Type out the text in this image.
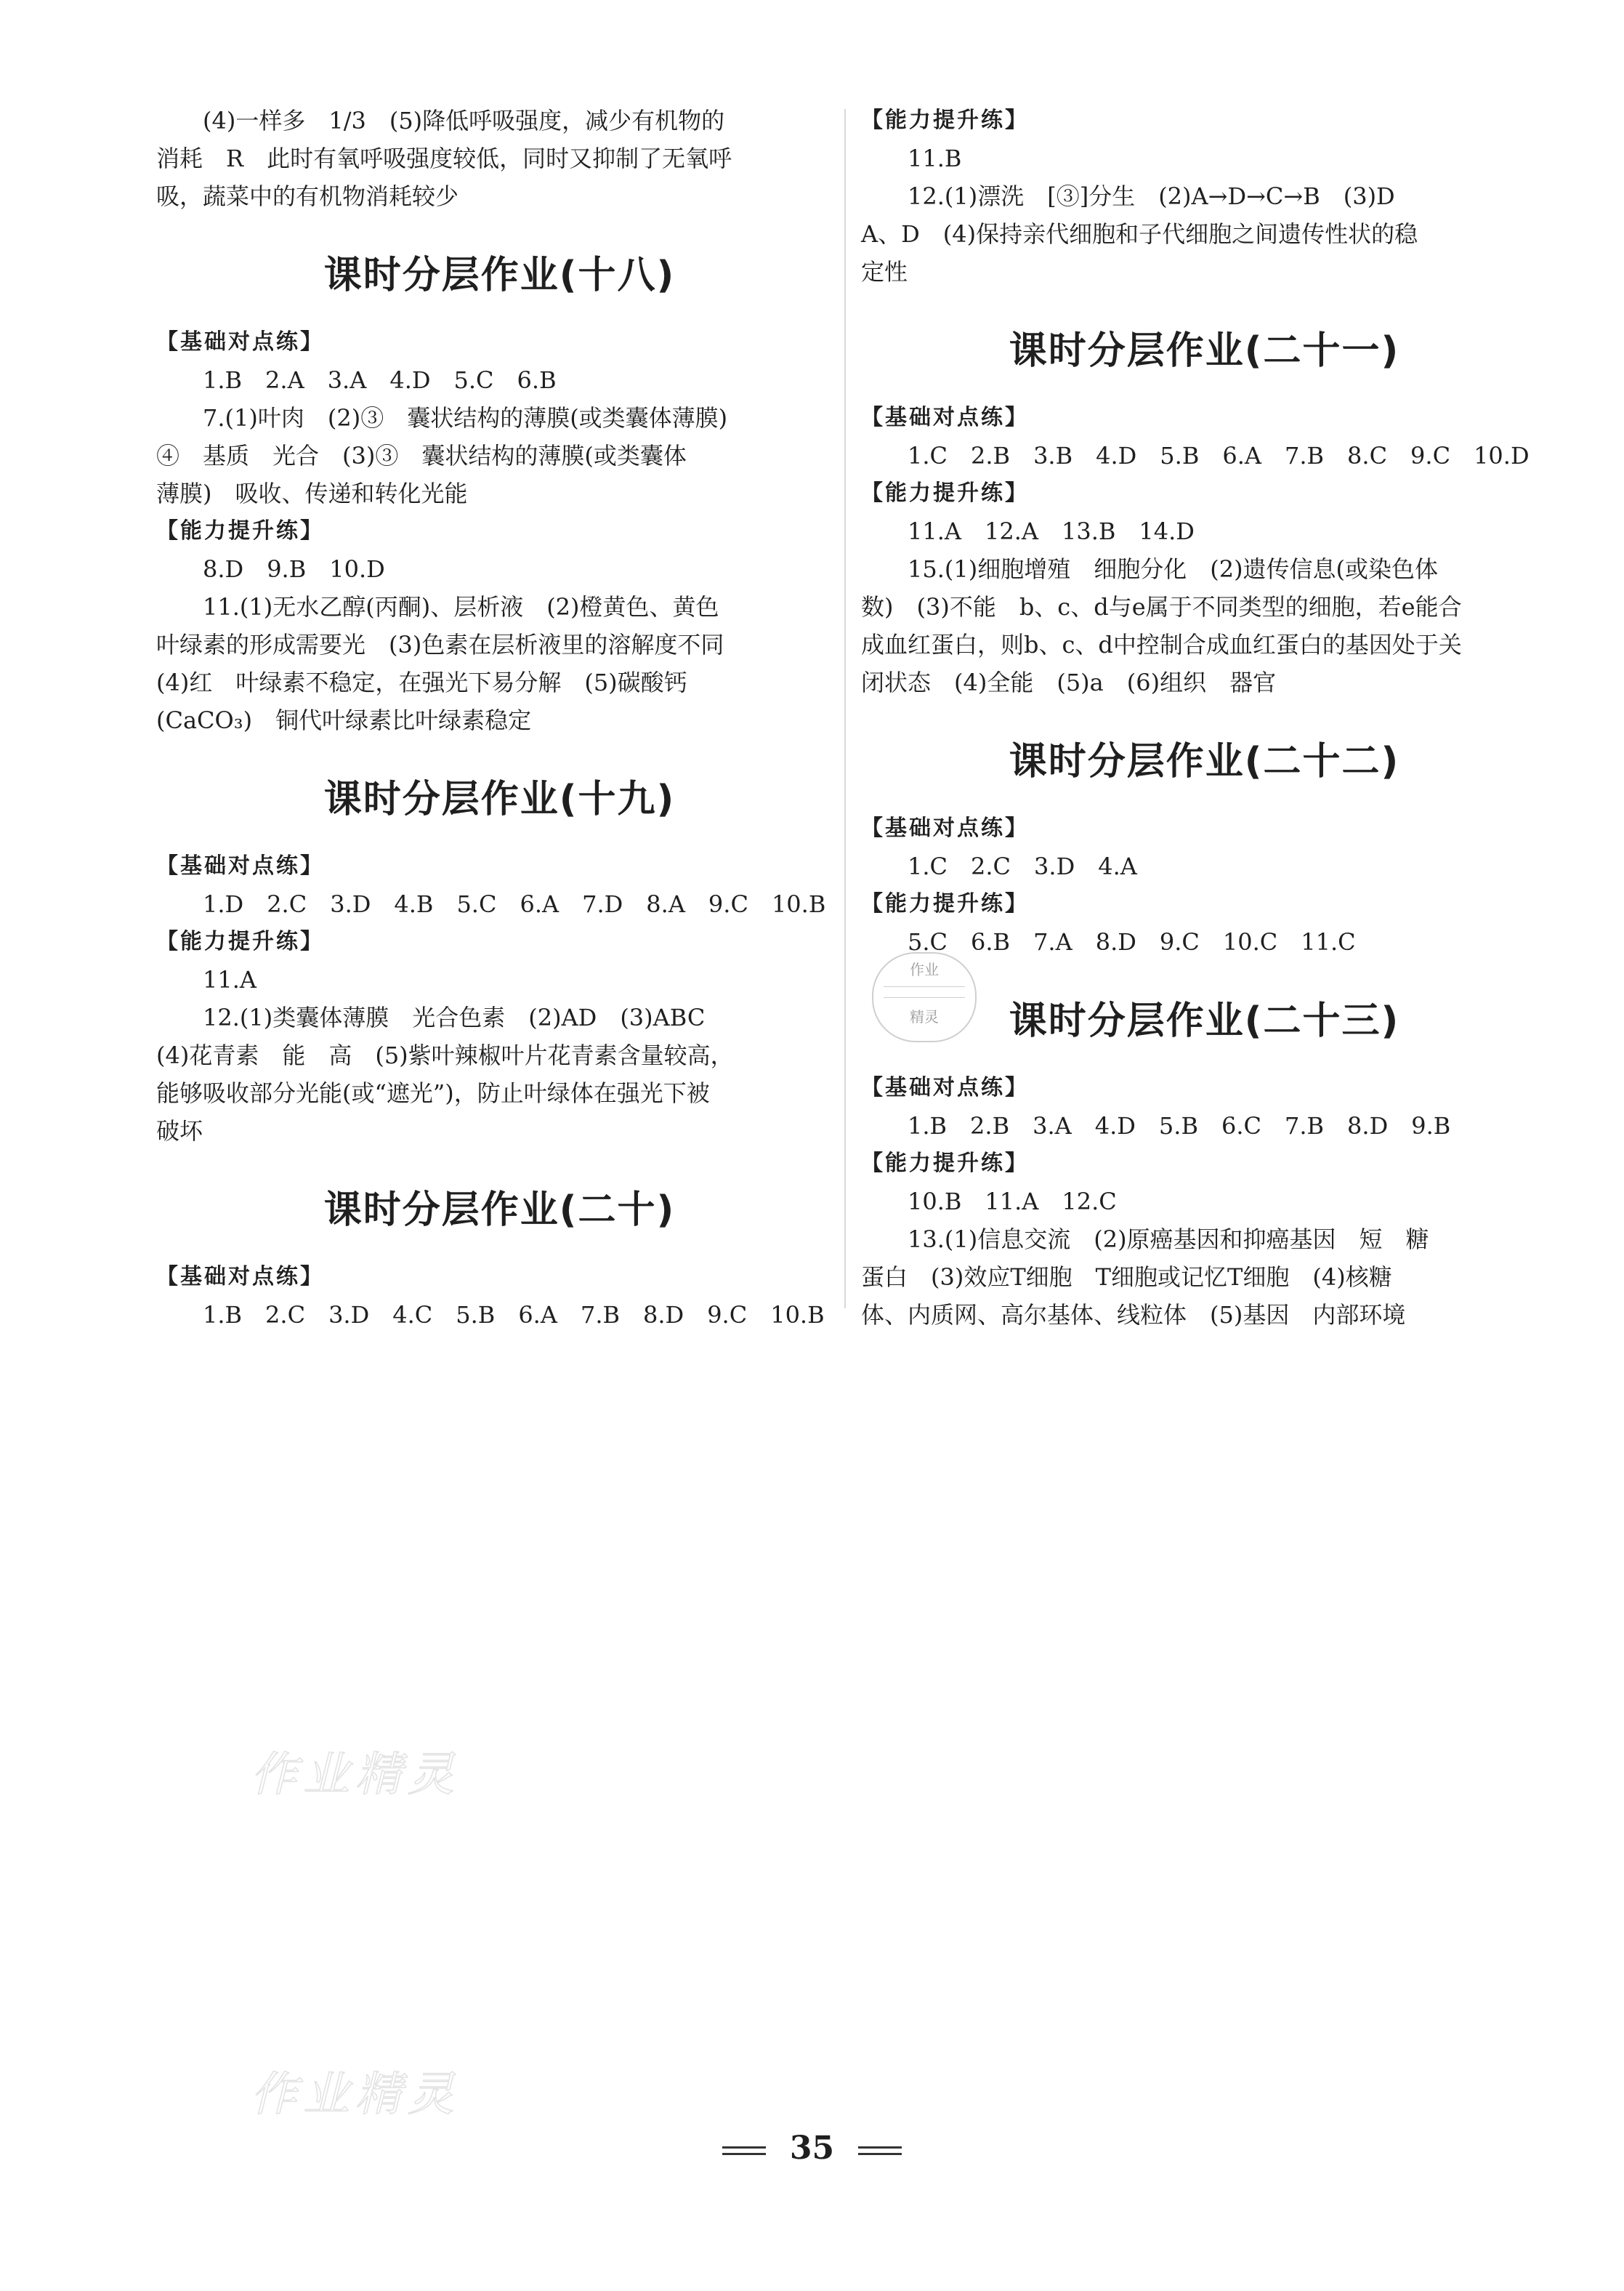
(4)一样多　1/3　(5)降低呼吸强度，减少有机物的

消耗　R　此时有氧呼吸强度较低，同时又抑制了无氧呼

吸，蔬菜中的有机物消耗较少

课时分层作业(十八)

【基础对点练】

1.B　2.A　3.A　4.D　5.C　6.B

7.(1)叶肉　(2)③　囊状结构的薄膜(或类囊体薄膜)

④　基质　光合　(3)③　囊状结构的薄膜(或类囊体

薄膜)　吸收、传递和转化光能

【能力提升练】

8.D　9.B　10.D

11.(1)无水乙醇(丙酮)、层析液　(2)橙黄色、黄色

叶绿素的形成需要光　(3)色素在层析液里的溶解度不同

(4)红　叶绿素不稳定，在强光下易分解　(5)碳酸钙

(CaCO₃)　铜代叶绿素比叶绿素稳定

课时分层作业(十九)

【基础对点练】

1.D　2.C　3.D　4.B　5.C　6.A　7.D　8.A　9.C　10.B

【能力提升练】

11.A

12.(1)类囊体薄膜　光合色素　(2)AD　(3)ABC

(4)花青素　能　高　(5)紫叶辣椒叶片花青素含量较高，

能够吸收部分光能(或“遮光”)，防止叶绿体在强光下被

破坏

课时分层作业(二十)

【基础对点练】

1.B　2.C　3.D　4.C　5.B　6.A　7.B　8.D　9.C　10.B

【能力提升练】

11.B

12.(1)漂洗　[③]分生　(2)A→D→C→B　(3)D

A、D　(4)保持亲代细胞和子代细胞之间遗传性状的稳

定性

课时分层作业(二十一)

【基础对点练】

1.C　2.B　3.B　4.D　5.B　6.A　7.B　8.C　9.C　10.D

【能力提升练】

11.A　12.A　13.B　14.D

15.(1)细胞增殖　细胞分化　(2)遗传信息(或染色体

数)　(3)不能　b、c、d与e属于不同类型的细胞，若e能合

成血红蛋白，则b、c、d中控制合成血红蛋白的基因处于关

闭状态　(4)全能　(5)a　(6)组织　器官

课时分层作业(二十二)

【基础对点练】

1.C　2.C　3.D　4.A

【能力提升练】

5.C　6.B　7.A　8.D　9.C　10.C　11.C

课时分层作业(二十三)

【基础对点练】

1.B　2.B　3.A　4.D　5.B　6.C　7.B　8.D　9.B

【能力提升练】

10.B　11.A　12.C

13.(1)信息交流　(2)原癌基因和抑癌基因　短　糖

蛋白　(3)效应T细胞　T细胞或记忆T细胞　(4)核糖

体、内质网、高尔基体、线粒体　(5)基因　内部环境

作业
精灵
作业精灵
作业精灵
35
